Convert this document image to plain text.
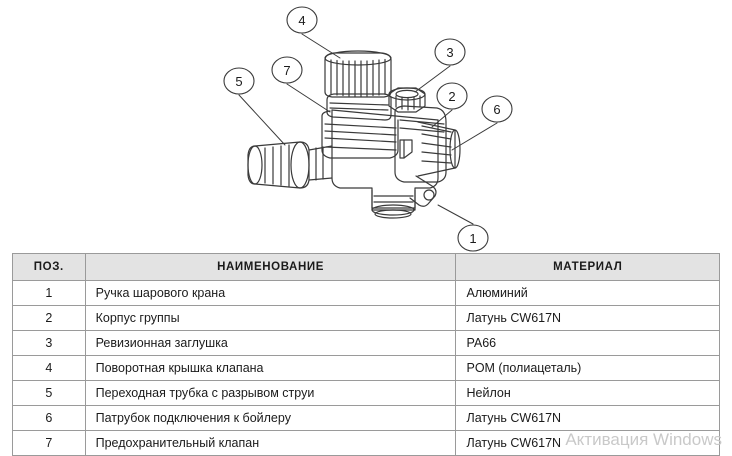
4
3
7
2
5
6
1
ПОЗ.	НАИМЕНОВАНИЕ	МАТЕРИАЛ
1	Ручка шарового крана	Алюминий
2	Корпус группы	Латунь CW617N
3	Ревизионная заглушка	PA66
4	Поворотная крышка клапана	POM (полиацеталь)
5	Переходная трубка с разрывом струи	Нейлон
6	Патрубок подключения к бойлеру	Латунь CW617N
7	Предохранительный клапан	Латунь CW617N Активация Windows
